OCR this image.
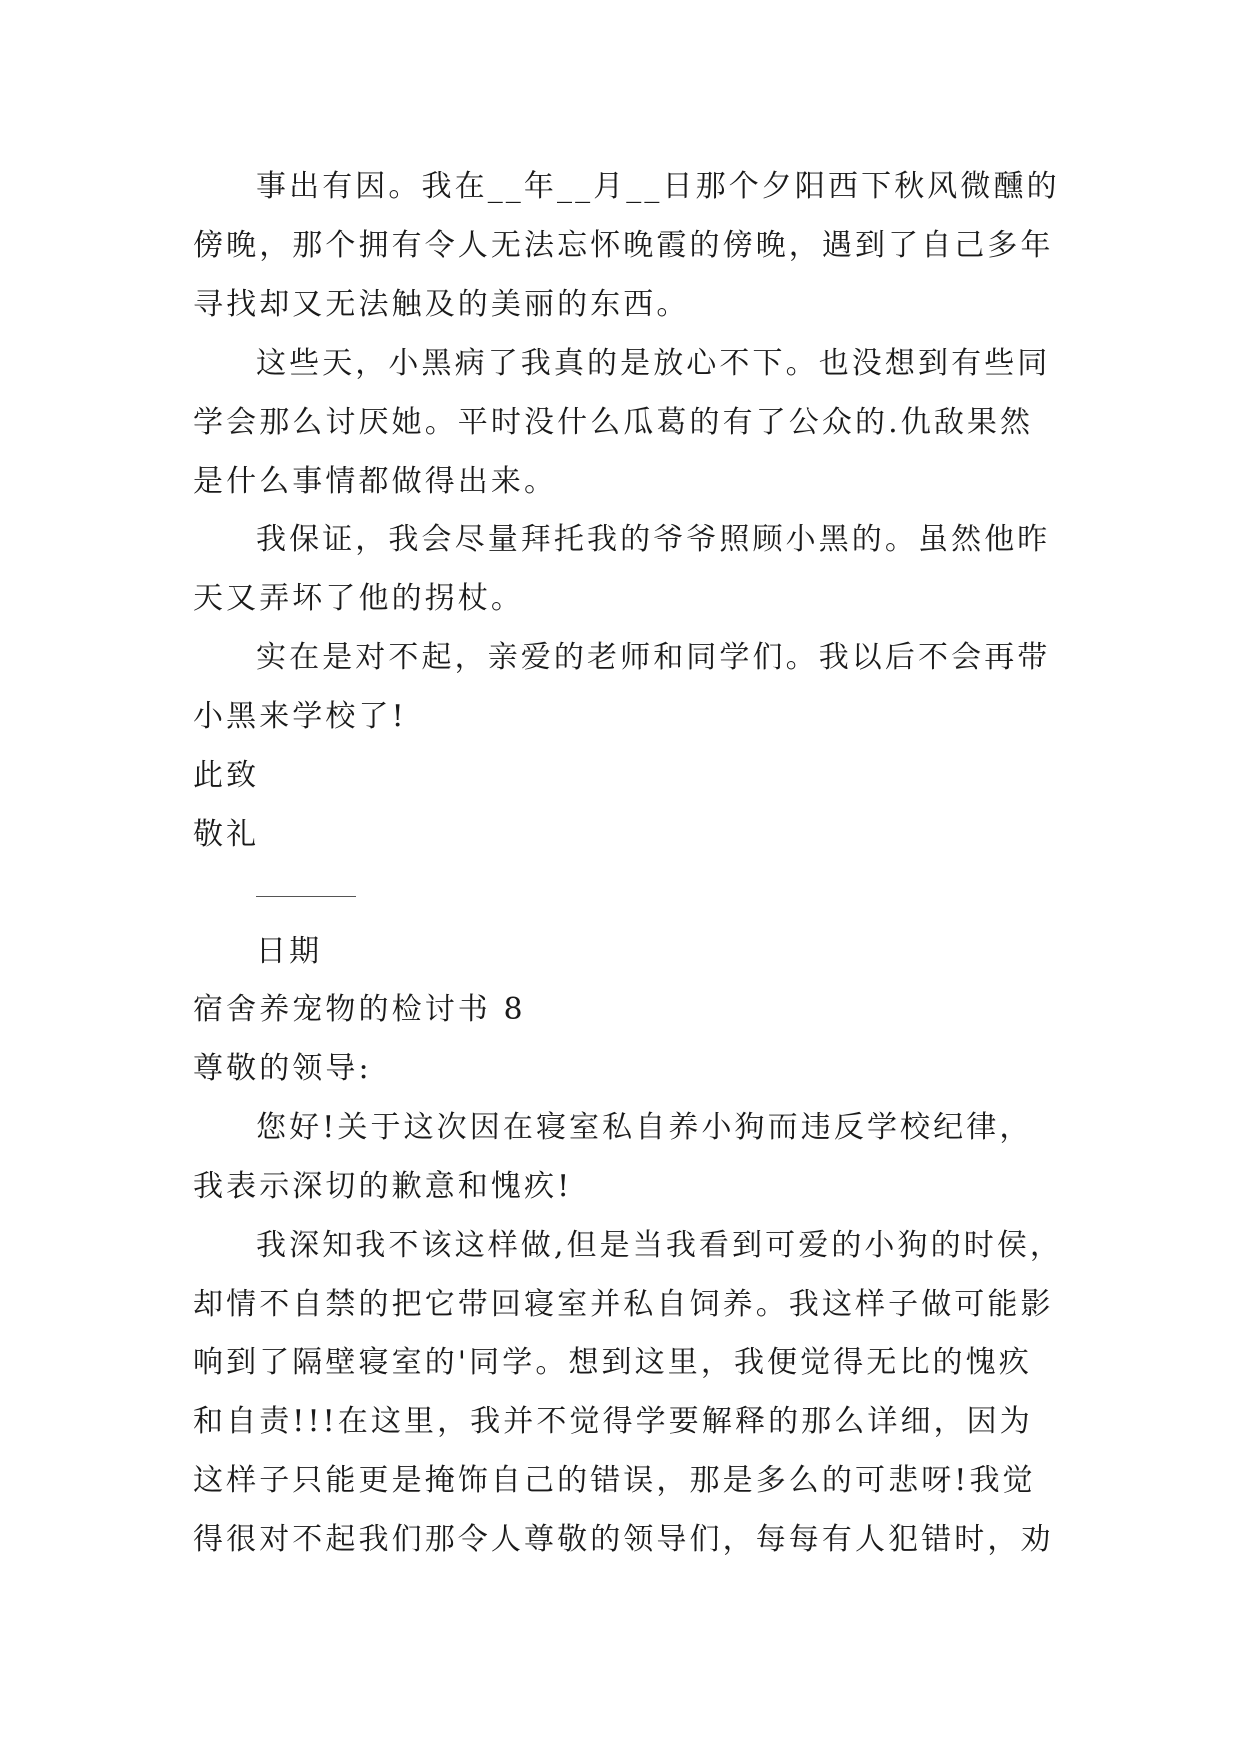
事出有因。我在__年__月__日那个夕阳西下秋风微醺的

傍晚，那个拥有令人无法忘怀晚霞的傍晚，遇到了自己多年

寻找却又无法触及的美丽的东西。

这些天，小黑病了我真的是放心不下。也没想到有些同

学会那么讨厌她。平时没什么瓜葛的有了公众的.仇敌果然

是什么事情都做得出来。

我保证，我会尽量拜托我的爷爷照顾小黑的。虽然他昨

天又弄坏了他的拐杖。

实在是对不起，亲爱的老师和同学们。我以后不会再带

小黑来学校了!

此致

敬礼

日期

宿舍养宠物的检讨书 8

尊敬的领导:

您好!关于这次因在寝室私自养小狗而违反学校纪律，

我表示深切的歉意和愧疚!

我深知我不该这样做,但是当我看到可爱的小狗的时侯，

却情不自禁的把它带回寝室并私自饲养。我这样子做可能影

响到了隔壁寝室的'同学。想到这里，我便觉得无比的愧疚

和自责!!!在这里，我并不觉得学要解释的那么详细，因为

这样子只能更是掩饰自己的错误，那是多么的可悲呀!我觉

得很对不起我们那令人尊敬的领导们，每每有人犯错时，劝
